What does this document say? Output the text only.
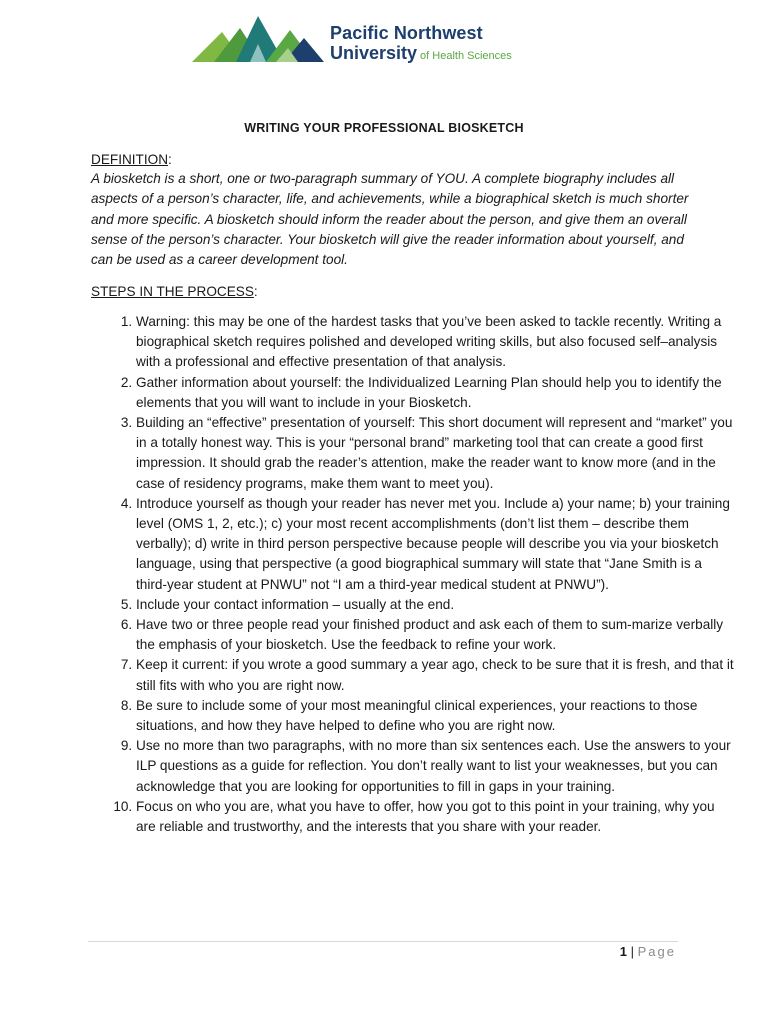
Pacific Northwest
University of Health Sciences
WRITING YOUR PROFESSIONAL BIOSKETCH
DEFINITION:
A biosketch is a short, one or two-paragraph summary of YOU. A complete biography includes all aspects of a person’s character, life, and achievements, while a biographical sketch is much shorter and more specific. A biosketch should inform the reader about the person, and give them an overall sense of the person’s character. Your biosketch will give the reader information about yourself, and can be used as a career development tool.
STEPS IN THE PROCESS:
1. Warning: this may be one of the hardest tasks that you’ve been asked to tackle recently. Writing a biographical sketch requires polished and developed writing skills, but also focused self–analysis with a professional and effective presentation of that analysis.
2. Gather information about yourself: the Individualized Learning Plan should help you to identify the elements that you will want to include in your Biosketch.
3. Building an “effective” presentation of yourself: This short document will represent and “market” you in a totally honest way. This is your “personal brand” marketing tool that can create a good first impression. It should grab the reader’s attention, make the reader want to know more (and in the case of residency programs, make them want to meet you).
4. Introduce yourself as though your reader has never met you. Include a) your name; b) your training level (OMS 1, 2, etc.); c) your most recent accomplishments (don’t list them – describe them verbally); d) write in third person perspective because people will describe you via your biosketch language, using that perspective (a good biographical summary will state that “Jane Smith is a third-year student at PNWU” not “I am a third-year medical student at PNWU”).
5. Include your contact information – usually at the end.
6. Have two or three people read your finished product and ask each of them to sum-marize verbally the emphasis of your biosketch. Use the feedback to refine your work.
7. Keep it current: if you wrote a good summary a year ago, check to be sure that it is fresh, and that it still fits with who you are right now.
8. Be sure to include some of your most meaningful clinical experiences, your reactions to those situations, and how they have helped to define who you are right now.
9. Use no more than two paragraphs, with no more than six sentences each. Use the answers to your ILP questions as a guide for reflection. You don’t really want to list your weaknesses, but you can acknowledge that you are looking for opportunities to fill in gaps in your training.
10. Focus on who you are, what you have to offer, how you got to this point in your training, why you are reliable and trustworthy, and the interests that you share with your reader.
1 | Page
